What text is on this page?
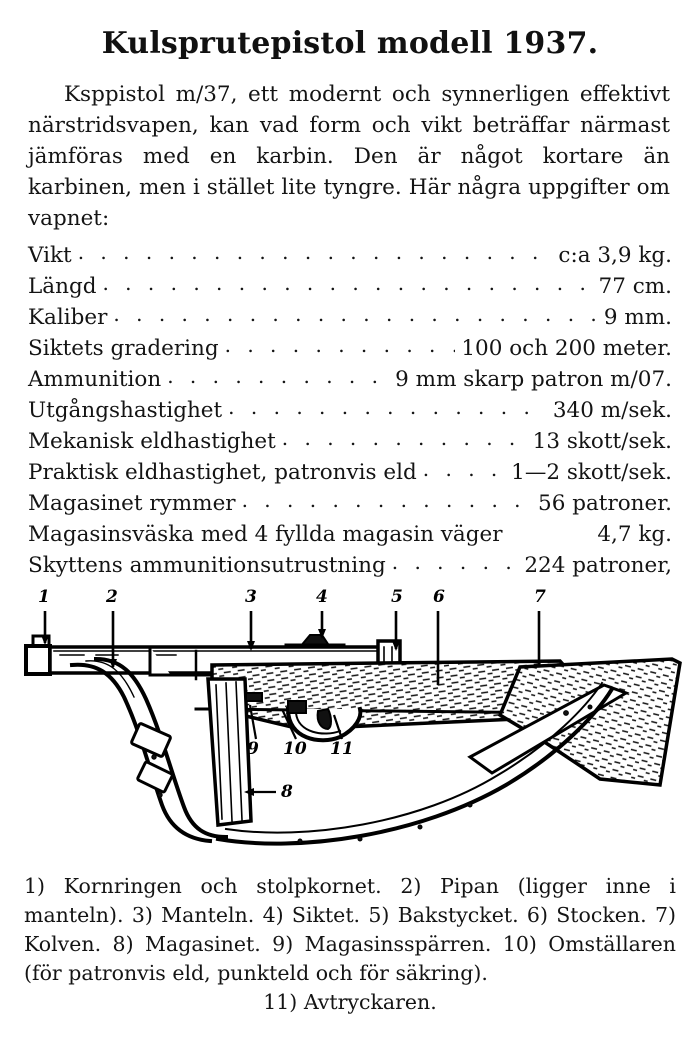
Kulsprutepistol modell 1937.

Ksppistol m/37, ett modernt och synnerligen effektivt närstridsvapen, kan vad form och vikt beträffar närmast jämföras med en karbin. Den är något kortare än karbinen, men i stället lite tyngre. Här några uppgifter om vapnet:

Vikt . . .	c:a 3,9 kg.
Längd . . .	77 cm.
Kaliber . . .	9 mm.
Siktets gradering . . .	100 och 200 meter.
Ammunition . . .	9 mm skarp patron m/07.
Utgångshastighet . . .	340 m/sek.
Mekanisk eldhastighet . . .	13 skott/sek.
Praktisk eldhastighet, patronvis eld . . .	1—2 skott/sek.
Magasinet rymmer . . .	56 patroner.
Magasinsväska med 4 fyllda magasin väger	4,7 kg.
Skyttens ammunitionsutrustning . . .	224 patroner,
1	2	3	4	5 6	7
9 10 11
8

1) Kornringen och stolpkornet. 2) Pipan (ligger inne i manteln). 3) Manteln. 4) Siktet. 5) Bakstycket. 6) Stocken. 7) Kolven. 8) Magasinet. 9) Magasinsspärren. 10) Omställaren (för patronvis eld, punkteld och för säkring).
11) Avtryckaren.
